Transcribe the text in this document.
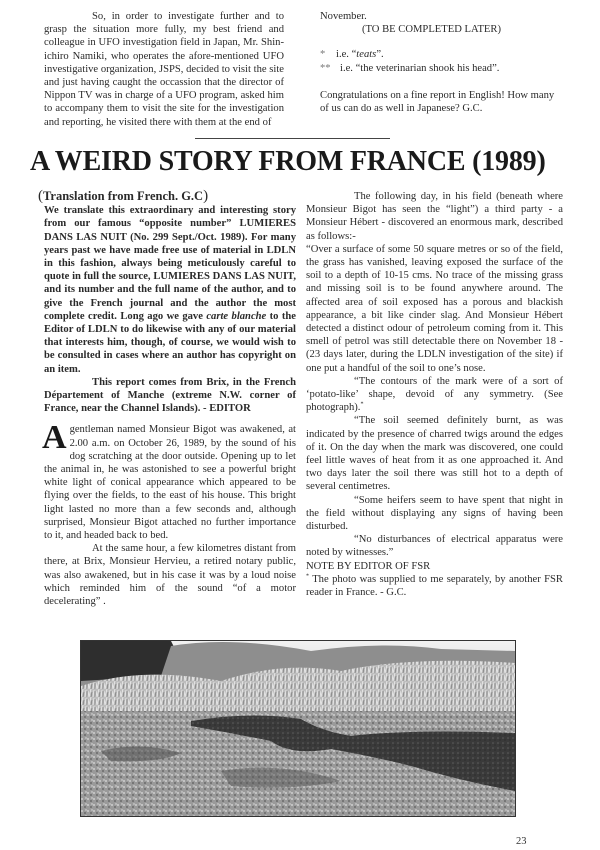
So, in order to investigate further and to grasp the situation more fully, my best friend and colleague in UFO investigation field in Japan, Mr. Shin-ichiro Namiki, who operates the afore-mentioned UFO investigative organization, JSPS, decided to visit the site and just having caught the occassion that the director of Nippon TV was in charge of a UFO program, asked him to accompany them to visit the site for the investigation and reporting, he visited there with them at the end of

November.

(TO BE COMPLETED LATER)

* i.e. “teats”.

** i.e. “the veterinarian shook his head”.

Congratulations on a fine report in English! How many of us can do as well in Japanese? G.C.

A WEIRD STORY FROM FRANCE (1989)

(Translation from French. G.C)

We translate this extraordinary and interesting story from our famous “opposite number” LUMIERES DANS LAS NUIT (No. 299 Sept./Oct. 1989). For many years past we have made free use of material in LDLN in this fashion, always being meticulously careful to quote in full the source, LUMIERES DANS LAS NUIT, and its number and the full name of the author, and to give the French journal and the author the most complete credit. Long ago we gave carte blanche to the Editor of LDLN to do likewise with any of our material that interests him, though, of course, we would wish to be consulted in cases where an author has copyright on an item.

This report comes from Brix, in the French Département of Manche (extreme N.W. corner of France, near the Channel Islands). - EDITOR

Agentleman named Monsieur Bigot was awakened, at 2.00 a.m. on October 26, 1989, by the sound of his dog scratching at the door outside. Opening up to let the animal in, he was astonished to see a powerful bright white light of conical appearance which appeared to be flying over the fields, to the east of his house. This bright light lasted no more than a few seconds and, although surprised, Monsieur Bigot attached no further importance to it, and headed back to bed.

At the same hour, a few kilometres distant from there, at Brix, Monsieur Hervieu, a retired notary public, was also awakened, but in his case it was by a loud noise which reminded him of the sound “of a motor decelerating” .

The following day, in his field (beneath where Monsieur Bigot has seen the “light”) a third party - a Monsieur Hébert - discovered an enormous mark, described as follows:-

“Over a surface of some 50 square metres or so of the field, the grass has vanished, leaving exposed the surface of the soil to a depth of 10-15 cms. No trace of the missing grass and missing soil is to be found anywhere around. The affected area of soil exposed has a porous and blackish appearance, a bit like cinder slag. And Monsieur Hébert detected a distinct odour of petroleum coming from it. This smell of petrol was still detectable there on November 18 - (23 days later, during the LDLN investigation of the site) if one put a handful of the soil to one’s nose.

“The contours of the mark were of a sort of ‘potato-like’ shape, devoid of any symmetry. (See photograph).*

“The soil seemed definitely burnt, as was indicated by the presence of charred twigs around the edges of it. On the day when the mark was discovered, one could feel little waves of heat from it as one approached it. And two days later the soil there was still hot to a depth of several centimetres.

“Some heifers seem to have spent that night in the field without displaying any signs of having been disturbed.

“No disturbances of electrical apparatus were noted by witnesses.”

NOTE BY EDITOR OF FSR

* The photo was supplied to me separately, by another FSR reader in France. - G.C.

23
